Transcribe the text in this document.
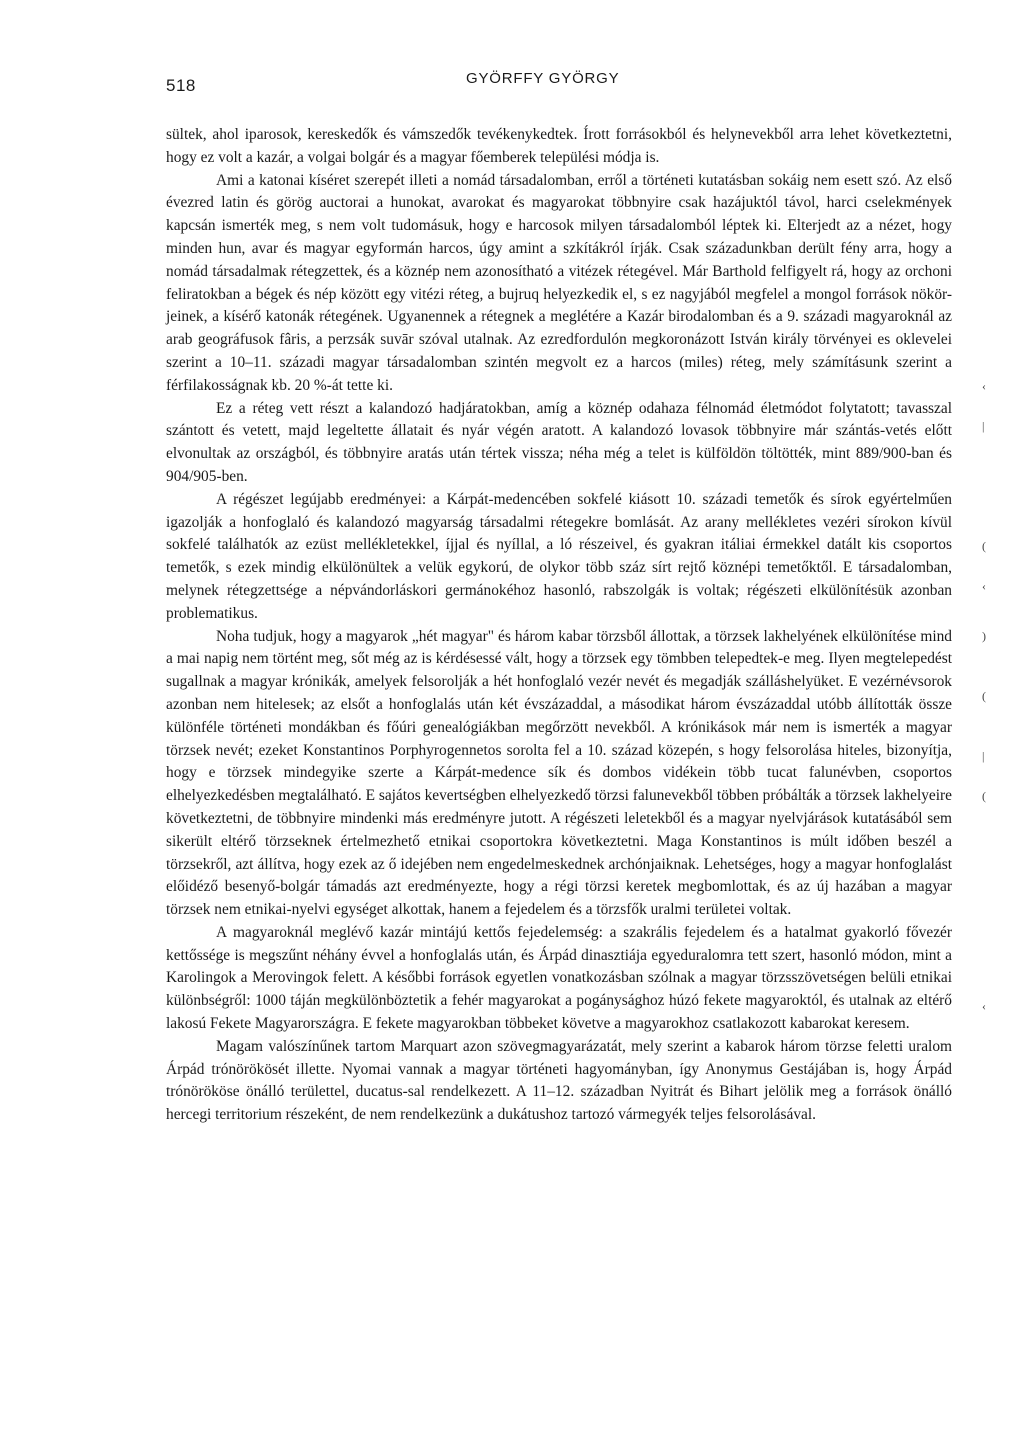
518	GYÖRFFY GYÖRGY

sültek, ahol iparosok, kereskedők és vámszedők tevékenykedtek. Írott forrásokból és helynevekből arra lehet következtetni, hogy ez volt a kazár, a volgai bolgár és a magyar főemberek települési módja is.

Ami a katonai kíséret szerepét illeti a nomád társadalomban, erről a történeti kutatásban sokáig nem esett szó. Az első évezred latin és görög auctorai a hunokat, avarokat és magyarokat többnyire csak hazájuktól távol, harci cselekmények kapcsán ismerték meg, s nem volt tudomásuk, hogy e harcosok milyen társadalomból léptek ki. Elterjedt az a nézet, hogy minden hun, avar és magyar egyformán harcos, úgy amint a szkítákról írják. Csak századunkban derült fény arra, hogy a nomád társadalmak rétegzettek, és a köznép nem azonosítható a vitézek rétegével. Már Barthold felfigyelt rá, hogy az orchoni feliratokban a bégek és nép között egy vitézi réteg, a bujruq helyezkedik el, s ez nagyjából megfelel a mongol források nökör-jeinek, a kísérő katonák rétegének. Ugyanennek a rétegnek a meglétére a Kazár birodalomban és a 9. századi magyaroknál az arab geográfusok fâris, a perzsák suvār szóval utalnak. Az ezredfordulón megkoronázott István király törvényei es oklevelei szerint a 10–11. századi magyar társadalomban szintén megvolt ez a harcos (miles) réteg, mely számításunk szerint a férfilakosságnak kb. 20 %-át tette ki.

Ez a réteg vett részt a kalandozó hadjáratokban, amíg a köznép odahaza félnomád életmódot folytatott; tavasszal szántott és vetett, majd legeltette állatait és nyár végén aratott. A kalandozó lovasok többnyire már szántás-vetés előtt elvonultak az országból, és többnyire aratás után tértek vissza; néha még a telet is külföldön töltötték, mint 889/900-ban és 904/905-ben.

A régészet legújabb eredményei: a Kárpát-medencében sokfelé kiásott 10. századi temetők és sírok egyértelműen igazolják a honfoglaló és kalandozó magyarság társadalmi rétegekre bomlását. Az arany mellékletes vezéri sírokon kívül sokfelé találhatók az ezüst mellékletekkel, íjjal és nyíllal, a ló részeivel, és gyakran itáliai érmekkel datált kis csoportos temetők, s ezek mindig elkülönültek a velük egykorú, de olykor több száz sírt rejtő köznépi temetőktől. E társadalomban, melynek rétegzettsége a népvándorláskori germánokéhoz hasonló, rabszolgák is voltak; régészeti elkülönítésük azonban problematikus.

Noha tudjuk, hogy a magyarok „hét magyar" és három kabar törzsből állottak, a törzsek lakhelyének elkülönítése mind a mai napig nem történt meg, sőt még az is kérdésessé vált, hogy a törzsek egy tömbben telepedtek-e meg. Ilyen megtelepedést sugallnak a magyar krónikák, amelyek felsorolják a hét honfoglaló vezér nevét és megadják szálláshelyüket. E vezérnévsorok azonban nem hitelesek; az elsőt a honfoglalás után két évszázaddal, a másodikat három évszázaddal utóbb állították össze különféle történeti mondákban és főúri genealógiákban megőrzött nevekből. A krónikások már nem is ismerték a magyar törzsek nevét; ezeket Konstantinos Porphyrogennetos sorolta fel a 10. század közepén, s hogy felsorolása hiteles, bizonyítja, hogy e törzsek mindegyike szerte a Kárpát-medence sík és dombos vidékein több tucat falunévben, csoportos elhelyezkedésben megtalálható. E sajátos kevertségben elhelyezkedő törzsi falunevekből többen próbálták a törzsek lakhelyeire következtetni, de többnyire mindenki más eredményre jutott. A régészeti leletekből és a magyar nyelvjárások kutatásából sem sikerült eltérő törzseknek értelmezhető etnikai csoportokra következtetni. Maga Konstantinos is múlt időben beszél a törzsekről, azt állítva, hogy ezek az ő idejében nem engedelmeskednek archónjaiknak. Lehetséges, hogy a magyar honfoglalást előidéző besenyő-bolgár támadás azt eredményezte, hogy a régi törzsi keretek megbomlottak, és az új hazában a magyar törzsek nem etnikai-nyelvi egységet alkottak, hanem a fejedelem és a törzsfők uralmi területei voltak.

A magyaroknál meglévő kazár mintájú kettős fejedelemség: a szakrális fejedelem és a hatalmat gyakorló fővezér kettőssége is megszűnt néhány évvel a honfoglalás után, és Árpád dinasztiája egyeduralomra tett szert, hasonló módon, mint a Karolingok a Merovingok felett. A későbbi források egyetlen vonatkozásban szólnak a magyar törzsszövetségen belüli etnikai különbségről: 1000 táján megkülönböztetik a fehér magyarokat a pogánysághoz húzó fekete magyaroktól, és utalnak az eltérő lakosú Fekete Magyarországra. E fekete magyarokban többeket követve a magyarokhoz csatlakozott kabarokat keresem.

Magam valószínűnek tartom Marquart azon szövegmagyarázatát, mely szerint a kabarok három törzse feletti uralom Árpád trónörökösét illette. Nyomai vannak a magyar történeti hagyományban, így Anonymus Gestájában is, hogy Árpád trónörököse önálló területtel, ducatus-sal rendelkezett. A 11–12. században Nyitrát és Bihart jelölik meg a források önálló hercegi territorium részeként, de nem rendelkezünk a dukátushoz tartozó vármegyék teljes felsorolásával.

‹
|
(
‹
)
(
|
(
‹
